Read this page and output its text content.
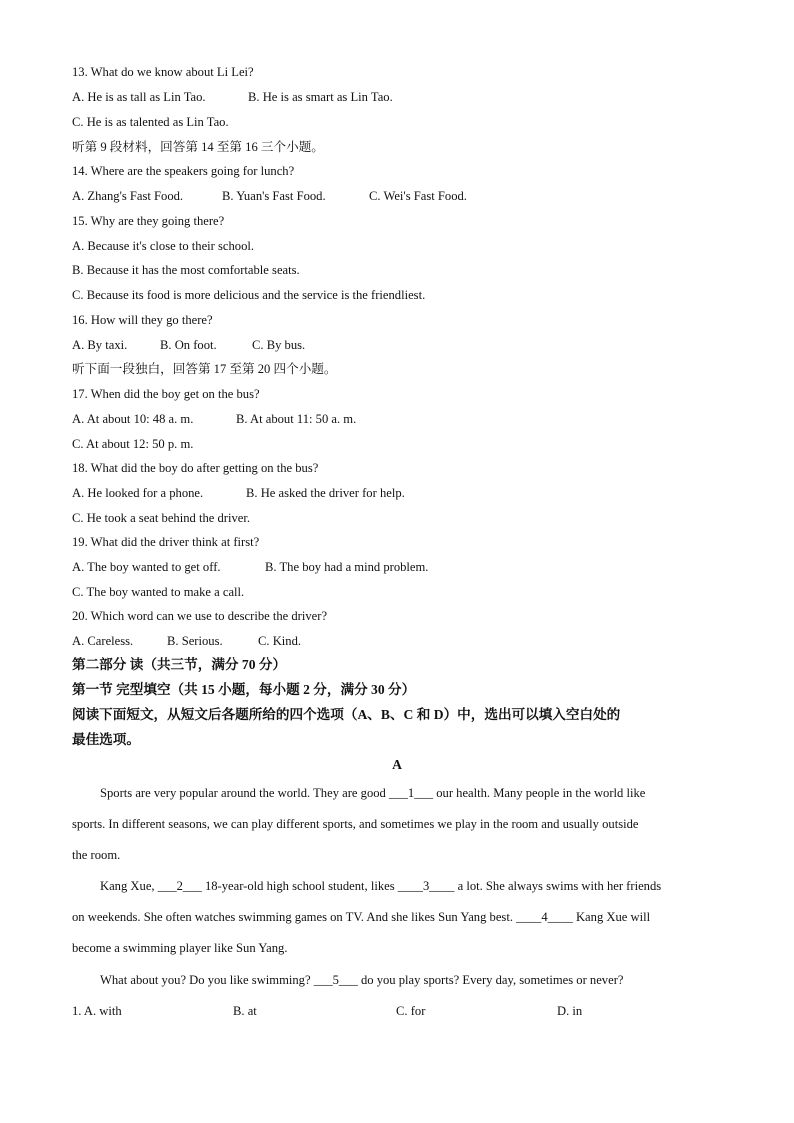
13. What do we know about Li Lei?
A. He is as tall as Lin Tao.	B. He is as smart as Lin Tao.
C. He is as talented as Lin Tao.
听第 9 段材料，回答第 14 至第 16 三个小题。
14. Where are the speakers going for lunch?
A. Zhang's Fast Food.	B. Yuan's Fast Food.	C. Wei's Fast Food.
15. Why are they going there?
A. Because it's close to their school.
B. Because it has the most comfortable seats.
C. Because its food is more delicious and the service is the friendliest.
16. How will they go there?
A. By taxi.	B. On foot.	C. By bus.
听下面一段独白，回答第 17 至第 20 四个小题。
17. When did the boy get on the bus?
A. At about 10: 48 a. m.	B. At about 11: 50 a. m.
C. At about 12: 50 p. m.
18. What did the boy do after getting on the bus?
A. He looked for a phone.	B. He asked the driver for help.
C. He took a seat behind the driver.
19. What did the driver think at first?
A. The boy wanted to get off.	B. The boy had a mind problem.
C. The boy wanted to make a call.
20. Which word can we use to describe the driver?
A. Careless.	B. Serious.	C. Kind.
第二部分 读（共三节，满分 70 分）
第一节 完型填空（共 15 小题，每小题 2 分，满分 30 分）
阅读下面短文，从短文后各题所给的四个选项（A、B、C 和 D）中，选出可以填入空白处的
最佳选项。
A
Sports are very popular around the world. They are good ___1___ our health. Many people in the world like
sports. In different seasons, we can play different sports, and sometimes we play in the room and usually outside
the room.
Kang Xue, ___2___ 18-year-old high school student, likes ____3____ a lot. She always swims with her friends
on weekends. She often watches swimming games on TV. And she likes Sun Yang best. ____4____ Kang Xue will
become a swimming player like Sun Yang.
What about you? Do you like swimming? ___5___ do you play sports? Every day, sometimes or never?
1. A. with	B. at	C. for	D. in
